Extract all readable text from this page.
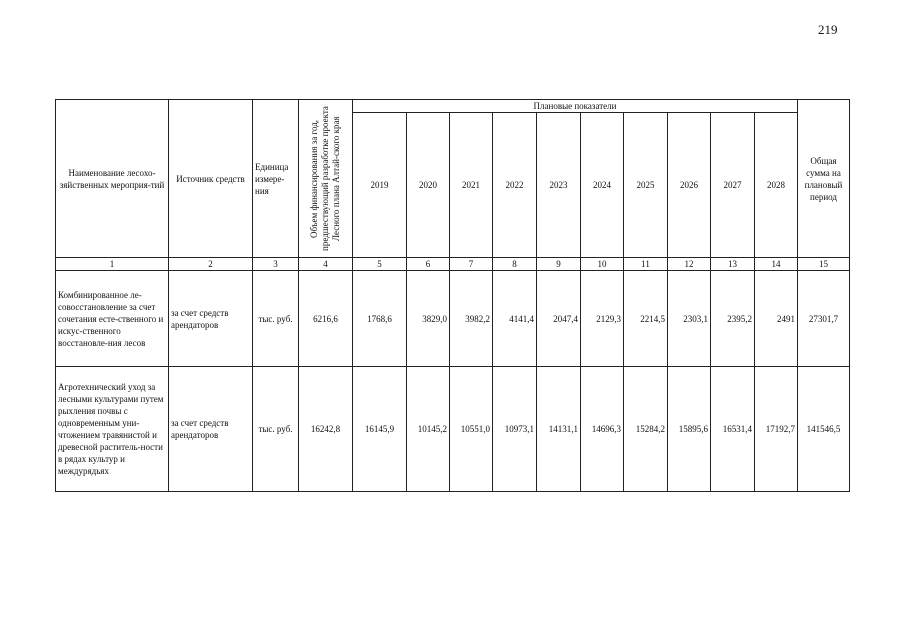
219
Наименование лесохо-зяйственных мероприя-тий	Источник средств	Единица измере-ния	Объем финансирования за год, предшествующий разработке проекта Лесного плана Алтай-ского края	Плановые показатели										Общая сумма на плановый период
				2019	2020	2021	2022	2023	2024	2025	2026	2027	2028	
1	2	3	4	5	6	7	8	9	10	11	12	13	14	15
Комбинированное ле-совосстановление за счет сочетания есте-ственного и искус-ственного восстановле-ния лесов	за счет средств арендаторов	тыс. руб.	6216,6	1768,6	3829,0	3982,2	4141,4	2047,4	2129,3	2214,5	2303,1	2395,2	2491	27301,7
Агротехнический уход за лесными культурами путем рыхления почвы с одновременным уни-чтожением травянистой и древесной раститель-ности в рядах культур и междурядьях	за счет средств арендаторов	тыс. руб.	16242,8	16145,9	10145,2	10551,0	10973,1	14131,1	14696,3	15284,2	15895,6	16531,4	17192,7	141546,5
